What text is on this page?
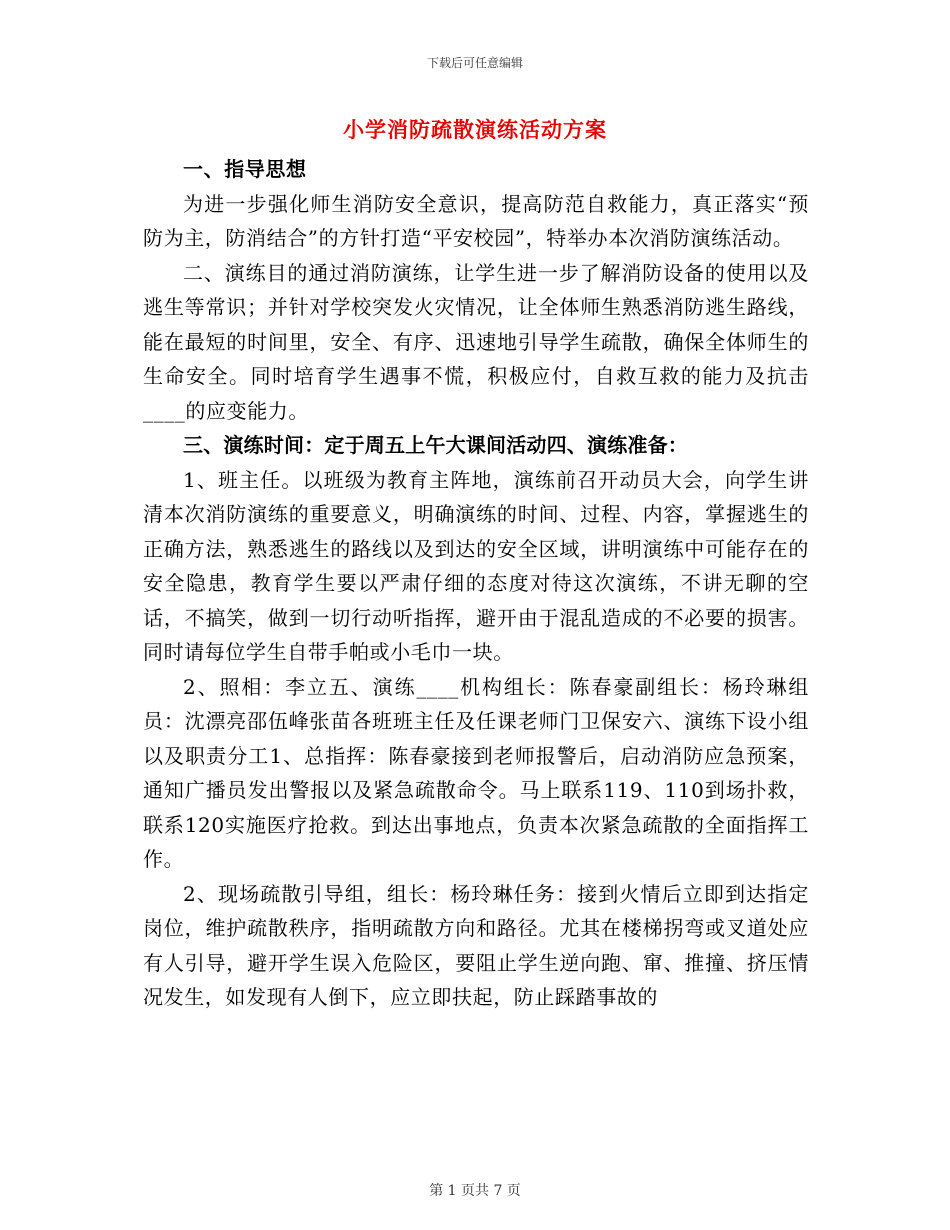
下载后可任意编辑
小学消防疏散演练活动方案

一、指导思想

为进一步强化师生消防安全意识，提高防范自救能力，真正落实“预防为主，防消结合”的方针打造“平安校园”，特举办本次消防演练活动。

二、演练目的通过消防演练，让学生进一步了解消防设备的使用以及逃生等常识；并针对学校突发火灾情况，让全体师生熟悉消防逃生路线，能在最短的时间里，安全、有序、迅速地引导学生疏散，确保全体师生的生命安全。同时培育学生遇事不慌，积极应付，自救互救的能力及抗击____的应变能力。

三、演练时间：定于周五上午大课间活动四、演练准备：

1、班主任。以班级为教育主阵地，演练前召开动员大会，向学生讲清本次消防演练的重要意义，明确演练的时间、过程、内容，掌握逃生的正确方法，熟悉逃生的路线以及到达的安全区域，讲明演练中可能存在的安全隐患，教育学生要以严肃仔细的态度对待这次演练，不讲无聊的空话，不搞笑，做到一切行动听指挥，避开由于混乱造成的不必要的损害。同时请每位学生自带手帕或小毛巾一块。

2、照相：李立五、演练____机构组长：陈春豪副组长：杨玲琳组员：沈漂亮邵伍峰张苗各班班主任及任课老师门卫保安六、演练下设小组以及职责分工1、总指挥：陈春豪接到老师报警后，启动消防应急预案，通知广播员发出警报以及紧急疏散命令。马上联系119、110到场扑救，联系120实施医疗抢救。到达出事地点，负责本次紧急疏散的全面指挥工作。

2、现场疏散引导组，组长：杨玲琳任务：接到火情后立即到达指定岗位，维护疏散秩序，指明疏散方向和路径。尤其在楼梯拐弯或叉道处应有人引导，避开学生误入危险区，要阻止学生逆向跑、窜、推撞、挤压情况发生，如发现有人倒下，应立即扶起，防止踩踏事故的

第 1 页共 7 页
